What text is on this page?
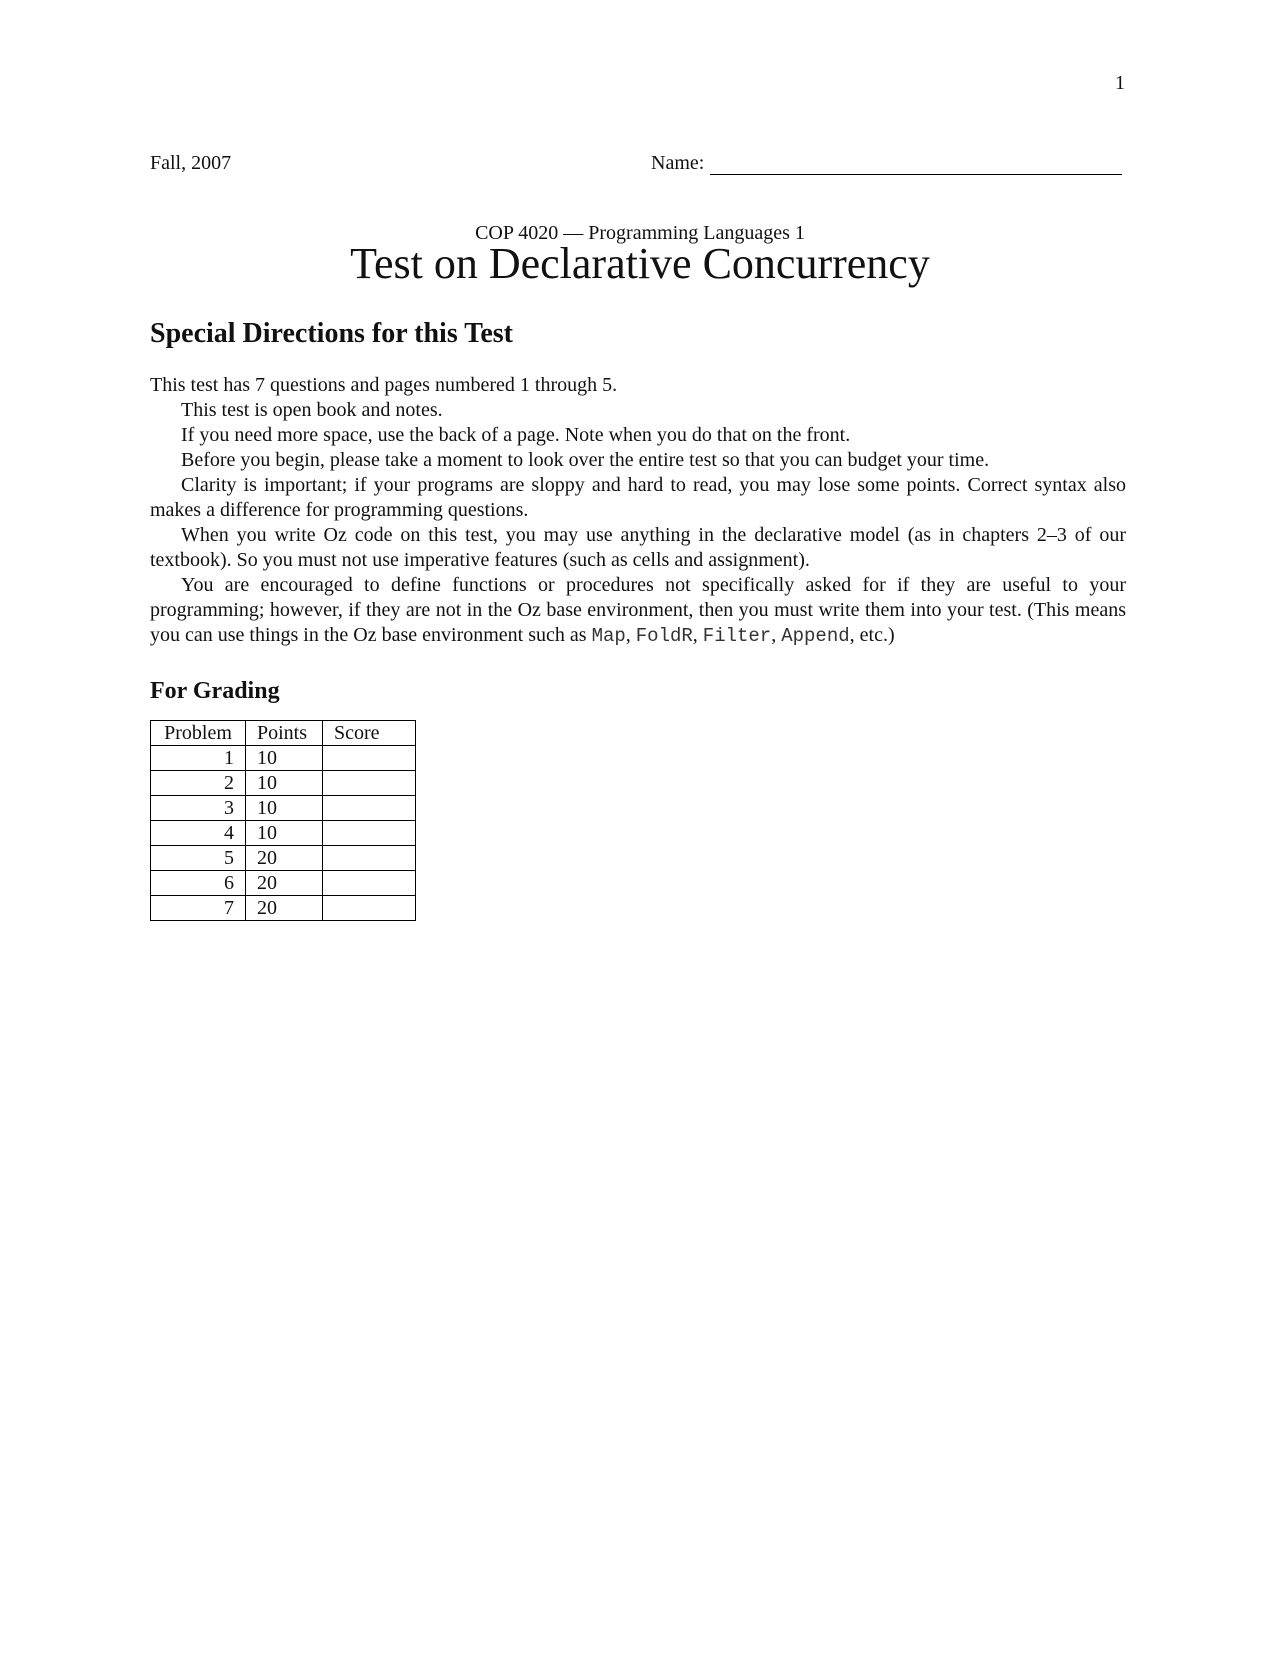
1
Fall, 2007	Name:
COP 4020 — Programming Languages 1
Test on Declarative Concurrency
Special Directions for this Test

This test has 7 questions and pages numbered 1 through 5.

This test is open book and notes.

If you need more space, use the back of a page. Note when you do that on the front.

Before you begin, please take a moment to look over the entire test so that you can budget your time.

Clarity is important; if your programs are sloppy and hard to read, you may lose some points. Correct syntax also makes a difference for programming questions.

When you write Oz code on this test, you may use anything in the declarative model (as in chapters 2–3 of our textbook). So you must not use imperative features (such as cells and assignment).

You are encouraged to define functions or procedures not specifically asked for if they are useful to your programming; however, if they are not in the Oz base environment, then you must write them into your test. (This means you can use things in the Oz base environment such as Map, FoldR, Filter, Append, etc.)

For Grading
Problem	Points	Score
1	10	
2	10	
3	10	
4	10	
5	20	
6	20	
7	20	
